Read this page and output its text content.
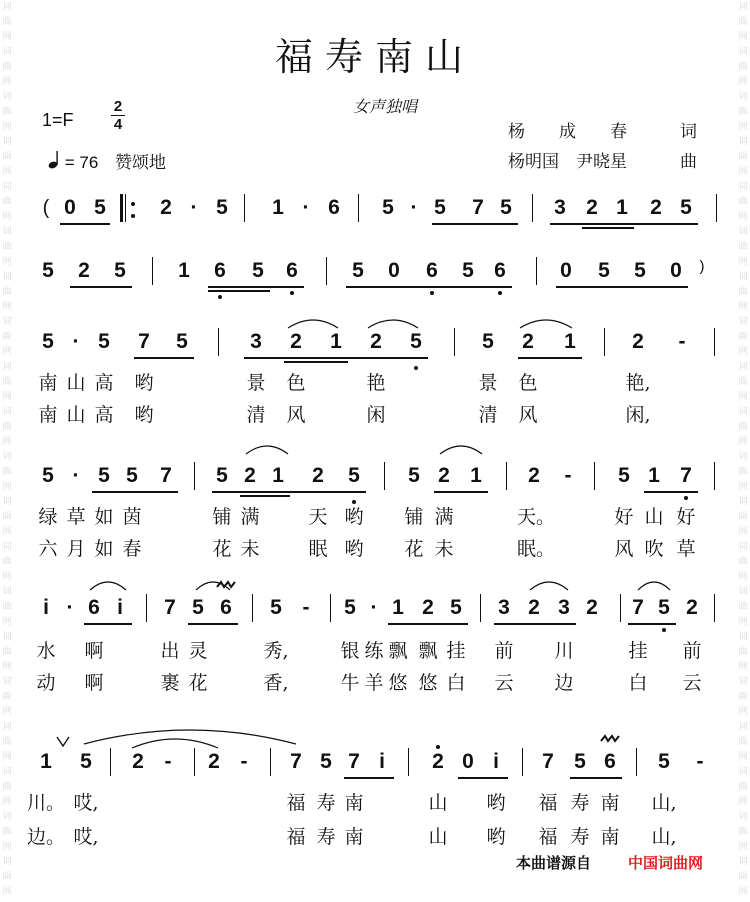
词
曲
网
词
曲
网
词
曲
网
词
曲
网
词
曲
网
词
曲
网
词
曲
网
词
曲
网
词
曲
网
词
曲
网
词
曲
网
词
曲
网
词
曲
网
词
曲
网
词
曲
网
词
曲
网
词
曲
网
词
曲
网
词
曲
网
词
曲
网
词
曲
网
词
曲
网
词
曲
网
词
曲
网
词
曲
网
词
曲
网
词
曲
网
词
曲
网
词
曲
网
词
曲
网
词
曲
网
词
曲
网
词
曲
网
词
曲
网
词
曲
网
词
曲
网
词
曲
网
词
曲
网
词
曲
网
词
曲
网
福寿南山
女声独唱
1=F
2
4
= 76 赞颂地
杨　　成　　春	词
杨明国　尹晓星	曲
( 0 5	2 · 5 1 · 6 5 · 5 7 5 3 2 1 2 5
5 2 5 1 6 5 6	5 0 6 5 6	0 5 5 0 )
5 · 5 7 5	3 2 1 2 5	5 2 1	2 -
南 山 高 哟	景 色	艳	景 色	艳,
南 山 高 哟	清 风	闲	清 风	闲,
5 · 5 5 7 5 2 1 2 5 5 2 1 2 - 5 1 7
绿 草 如 茵	铺 满	天 哟 铺 满	天。	好 山 好
六 月 如 春	花 未	眠 哟 花 未	眠。	风 吹 草
i · 6 i 7 5 6 5 - 5 · 1 2 5 3 2 3 2 7 5 2
水 啊	出 灵	秀,	银 练 飘 飘 挂 前 川	挂 前
动 啊	裹 花	香,	牛 羊 悠 悠 白 云 边	白 云
1 5 2 - 2 - 7 5 7 i 2 0 i 7 5 6 5 -
川。 哎,	福 寿 南	山 哟 福 寿 南 山,
边。 哎,	福 寿 南	山 哟 福 寿 南 山,
本曲谱源自 中国词曲网
